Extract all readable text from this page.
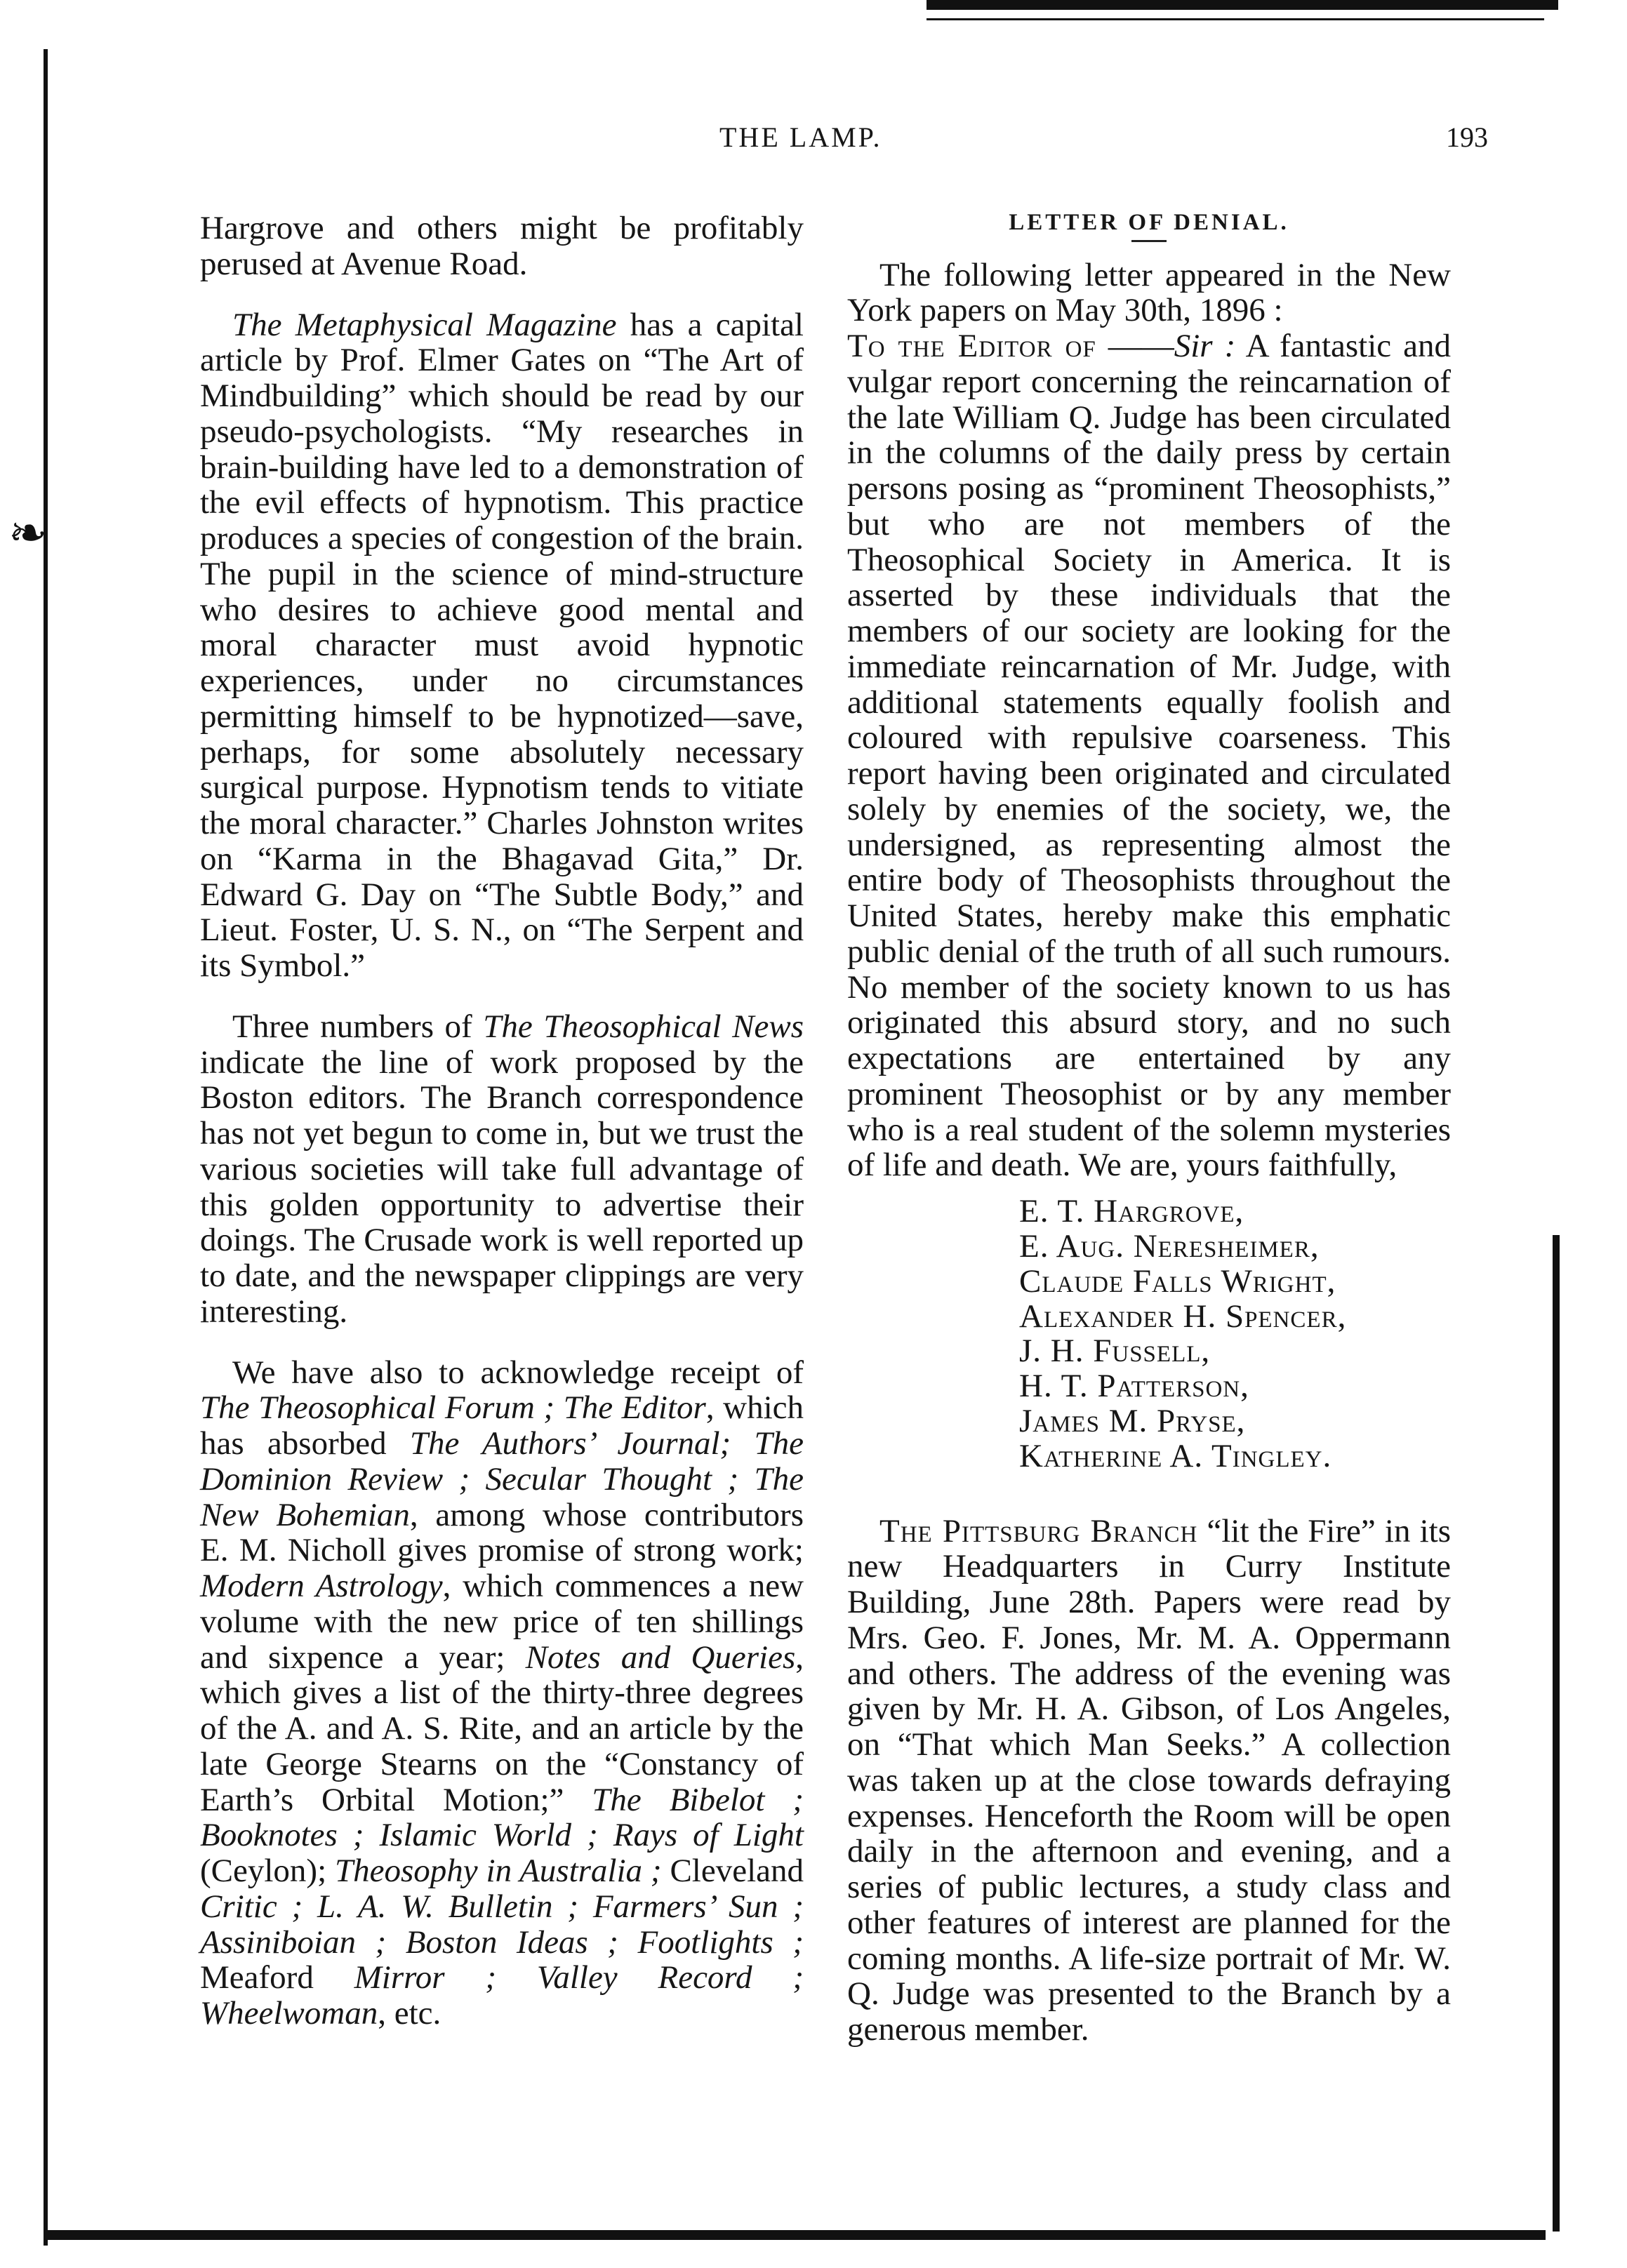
❧
THE LAMP.	193

Hargrove and others might be profitably perused at Avenue Road.

The Metaphysical Magazine has a capital article by Prof. Elmer Gates on “The Art of Mindbuilding” which should be read by our pseudo-psychologists. “My researches in brain-building have led to a demonstration of the evil effects of hypnotism. This practice produces a species of congestion of the brain. The pupil in the science of mind-structure who desires to achieve good mental and moral character must avoid hypnotic experiences, under no circumstances permitting himself to be hypnotized—save, perhaps, for some absolutely necessary surgical purpose. Hypnotism tends to vitiate the moral character.” Charles Johnston writes on “Karma in the Bhagavad Gita,” Dr. Edward G. Day on “The Subtle Body,” and Lieut. Foster, U. S. N., on “The Serpent and its Symbol.”

Three numbers of The Theosophical News indicate the line of work proposed by the Boston editors. The Branch correspondence has not yet begun to come in, but we trust the various societies will take full advantage of this golden opportunity to advertise their doings. The Crusade work is well reported up to date, and the newspaper clippings are very interesting.

We have also to acknowledge receipt of The Theosophical Forum ; The Editor, which has absorbed The Authors’ Journal; The Dominion Review ; Secular Thought ; The New Bohemian, among whose contributors E. M. Nicholl gives promise of strong work; Modern Astrology, which commences a new volume with the new price of ten shillings and sixpence a year; Notes and Queries, which gives a list of the thirty-three degrees of the A. and A. S. Rite, and an article by the late George Stearns on the “Constancy of Earth’s Orbital Motion;” The Bibelot ; Booknotes ; Islamic World ; Rays of Light (Ceylon); Theosophy in Australia ; Cleveland Critic ; L. A. W. Bulletin ; Farmers’ Sun ; Assiniboian ; Boston Ideas ; Footlights ; Meaford Mirror ; Valley Record ; Wheelwoman, etc.

LETTER OF DENIAL.

The following letter appeared in the New York papers on May 30th, 1896 :

To the Editor of ——Sir : A fantastic and vulgar report concerning the reincarnation of the late William Q. Judge has been circulated in the columns of the daily press by certain persons posing as “prominent Theosophists,” but who are not members of the Theosophical Society in America. It is asserted by these individuals that the members of our society are looking for the immediate reincarnation of Mr. Judge, with additional statements equally foolish and coloured with repulsive coarseness. This report having been originated and circulated solely by enemies of the society, we, the undersigned, as representing almost the entire body of Theosophists throughout the United States, hereby make this emphatic public denial of the truth of all such rumours. No member of the society known to us has originated this absurd story, and no such expectations are entertained by any prominent Theosophist or by any member who is a real student of the solemn mysteries of life and death. We are, yours faithfully,

E. T. Hargrove,
E. Aug. Neresheimer,
Claude Falls Wright,
Alexander H. Spencer,
J. H. Fussell,
H. T. Patterson,
James M. Pryse,
Katherine A. Tingley.

The Pittsburg Branch “lit the Fire” in its new Headquarters in Curry Institute Building, June 28th. Papers were read by Mrs. Geo. F. Jones, Mr. M. A. Oppermann and others. The address of the evening was given by Mr. H. A. Gibson, of Los Angeles, on “That which Man Seeks.” A collection was taken up at the close towards defraying expenses. Henceforth the Room will be open daily in the afternoon and evening, and a series of public lectures, a study class and other features of interest are planned for the coming months. A life-size portrait of Mr. W. Q. Judge was presented to the Branch by a generous member.
